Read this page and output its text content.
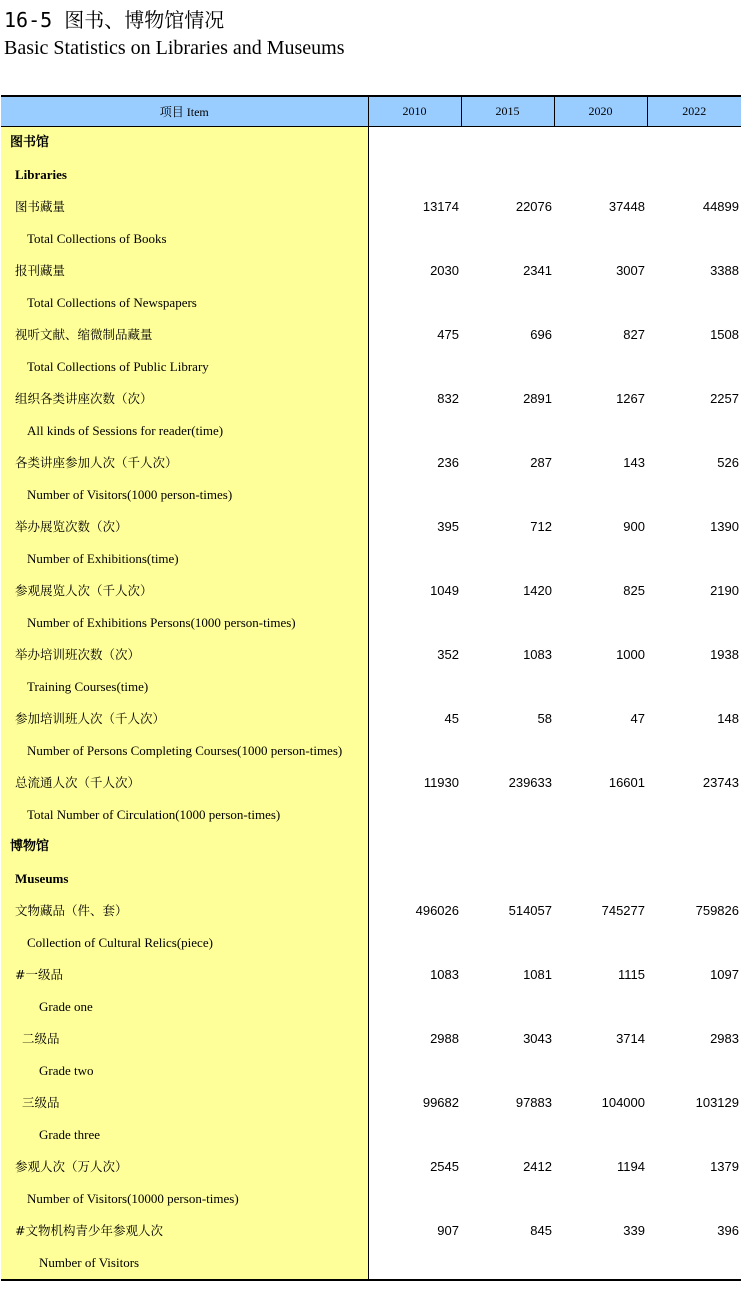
16-5 图书、博物馆情况
Basic Statistics on Libraries and Museums
项目 Item	2010	2015	2020	2022
图书馆				
Libraries				
图书藏量	13174	22076	37448	44899
Total Collections of Books				
报刊藏量	2030	2341	3007	3388
Total Collections of Newspapers				
视听文献、缩微制品藏量	475	696	827	1508
Total Collections of Public Library				
组织各类讲座次数（次）	832	2891	1267	2257
All kinds of Sessions for reader(time)				
各类讲座参加人次（千人次）	236	287	143	526
Number of Visitors(1000 person-times)				
举办展览次数（次）	395	712	900	1390
Number of Exhibitions(time)				
参观展览人次（千人次）	1049	1420	825	2190
Number of Exhibitions Persons(1000 person-times)				
举办培训班次数（次）	352	1083	1000	1938
Training Courses(time)				
参加培训班人次（千人次）	45	58	47	148
Number of Persons Completing Courses(1000 person-times)				
总流通人次（千人次）	11930	239633	16601	23743
Total Number of Circulation(1000 person-times)				
博物馆				
Museums				
文物藏品（件、套）	496026	514057	745277	759826
Collection of Cultural Relics(piece)				
#一级品	1083	1081	1115	1097
Grade one				
二级品	2988	3043	3714	2983
Grade two				
三级品	99682	97883	104000	103129
Grade three				
参观人次（万人次）	2545	2412	1194	1379
Number of Visitors(10000 person-times)				
#文物机构青少年参观人次	907	845	339	396
Number of Visitors				
